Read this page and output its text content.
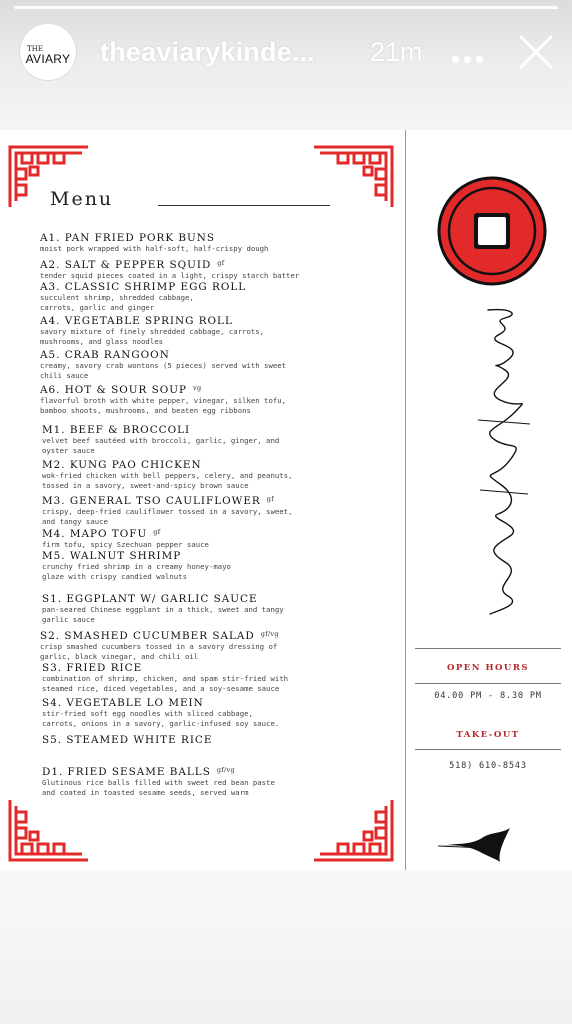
THE
AVIARY theaviarykinde... 21m
Menu
A1. PAN FRIED PORK BUNS
moist pork wrapped with half-soft, half-crispy dough
A2. SALT & PEPPER SQUID $^{gf}$
tender squid pieces coated in a light, crispy starch batter
A3. CLASSIC SHRIMP EGG ROLL
succulent shrimp, shredded cabbage,
carrots, garlic and ginger
A4. VEGETABLE SPRING ROLL
savory mixture of finely shredded cabbage, carrots,
mushrooms, and glass noodles
A5. CRAB RANGOON
creamy, savory crab wontons (5 pieces) served with sweet
chili sauce
A6. HOT & SOUR SOUP $^{vg}$
flavorful broth with white pepper, vinegar, silken tofu,
bamboo shoots, mushrooms, and beaten egg ribbons
M1. BEEF & BROCCOLI
velvet beef sautéed with broccoli, garlic, ginger, and
oyster sauce
M2. KUNG PAO CHICKEN
wok-fried chicken with bell peppers, celery, and peanuts,
tossed in a savory, sweet-and-spicy brown sauce
M3. GENERAL TSO CAULIFLOWER $^{gf}$
crispy, deep-fried cauliflower tossed in a savory, sweet,
and tangy sauce
M4. MAPO TOFU $^{gf}$
firm tofu, spicy Szechuan pepper sauce
M5. WALNUT SHRIMP
crunchy fried shrimp in a creamy honey-mayo
glaze with crispy candied walnuts
S1. EGGPLANT W/ GARLIC SAUCE
pan-seared Chinese eggplant in a thick, sweet and tangy
garlic sauce
S2. SMASHED CUCUMBER SALAD $^{gf/vg}$
crisp smashed cucumbers tossed in a savory dressing of
garlic, black vinegar, and chili oil
S3. FRIED RICE
combination of shrimp, chicken, and spam stir-fried with
steamed rice, diced vegetables, and a soy-sesame sauce
S4. VEGETABLE LO MEIN
stir-fried soft egg noodles with sliced cabbage,
carrots, onions in a savory, garlic-infused soy sauce.
S5. STEAMED WHITE RICE
D1. FRIED SESAME BALLS $^{gf/vg}$
Glutinous rice balls filled with sweet red bean paste
and coated in toasted sesame seeds, served warm
OPEN HOURS
04.00 PM - 8.30 PM
TAKE-OUT
518) 610-8543
